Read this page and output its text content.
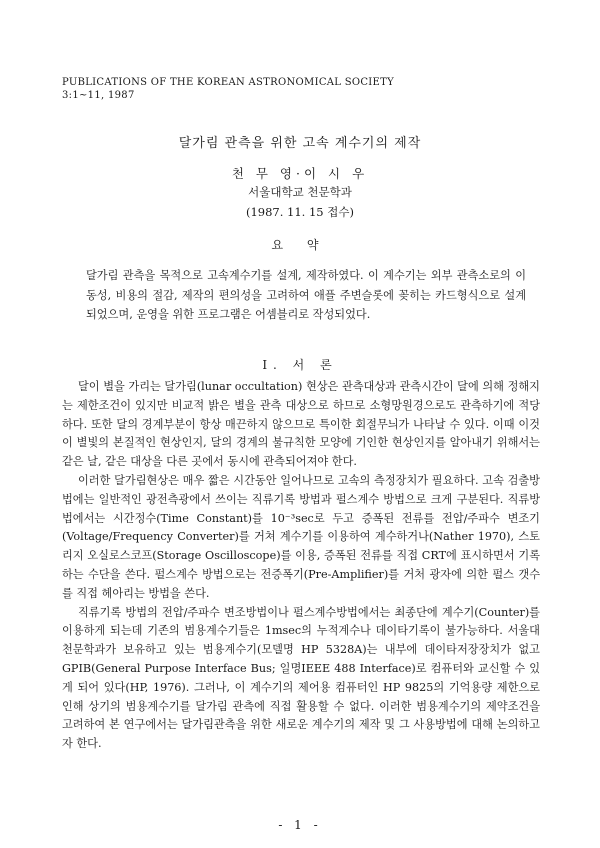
PUBLICATIONS OF THE KOREAN ASTRONOMICAL SOCIETY
3:1~11, 1987
달가림 관측을 위한 고속 계수기의 제작
천 무 영·이 시 우
서울대학교 천문학과
(1987. 11. 15 접수)
요 약
달가림 관측을 목적으로 고속계수기를 설계, 제작하였다. 이 계수기는 외부 관측소로의 이동성, 비용의 절감, 제작의 편의성을 고려하여 애플 주변슬롯에 꽂히는 카드형식으로 설계되었으며, 운영을 위한 프로그램은 어셈블리로 작성되었다.
I. 서 론

달이 별을 가리는 달가림(lunar occultation) 현상은 관측대상과 관측시간이 달에 의해 정해지는 제한조건이 있지만 비교적 밝은 별을 관측 대상으로 하므로 소형망원경으로도 관측하기에 적당하다. 또한 달의 경계부분이 항상 매끈하지 않으므로 특이한 회절무늬가 나타날 수 있다. 이때 이것이 별빛의 본질적인 현상인지, 달의 경계의 불규칙한 모양에 기인한 현상인지를 알아내기 위해서는 같은 날, 같은 대상을 다른 곳에서 동시에 관측되어져야 한다.

이러한 달가림현상은 매우 짧은 시간동안 일어나므로 고속의 측정장치가 필요하다. 고속 검출방법에는 일반적인 광전측광에서 쓰이는 직류기록 방법과 펄스계수 방법으로 크게 구분된다. 직류방법에서는 시간정수(Time Constant)를 10⁻³sec로 두고 증폭된 전류를 전압/주파수 변조기(Voltage/Frequency Converter)를 거쳐 계수기를 이용하여 계수하거나(Nather 1970), 스토리지 오실로스코프(Storage Oscilloscope)를 이용, 증폭된 전류를 직접 CRT에 표시하면서 기록하는 수단을 쓴다. 펄스계수 방법으로는 전증폭기(Pre-Amplifier)를 거처 광자에 의한 펄스 갯수를 직접 헤아리는 방법을 쓴다.

직류기록 방법의 전압/주파수 변조방법이나 펄스계수방법에서는 최종단에 계수기(Counter)를 이용하게 되는데 기존의 범용계수기들은 1msec의 누적계수나 데이타기록이 불가능하다. 서울대 천문학과가 보유하고 있는 범용계수기(모델명 HP 5328A)는 내부에 데이타저장장치가 없고 GPIB(General Purpose Interface Bus; 일명IEEE 488 Interface)로 컴퓨터와 교신할 수 있게 되어 있다(HP, 1976). 그러나, 이 계수기의 제어용 컴퓨터인 HP 9825의 기억용량 제한으로 인해 상기의 범용계수기를 달가림 관측에 직접 활용할 수 없다. 이러한 범용계수기의 제약조건을 고려하여 본 연구에서는 달가림관측을 위한 새로운 계수기의 제작 및 그 사용방법에 대해 논의하고자 한다.

- 1 -
